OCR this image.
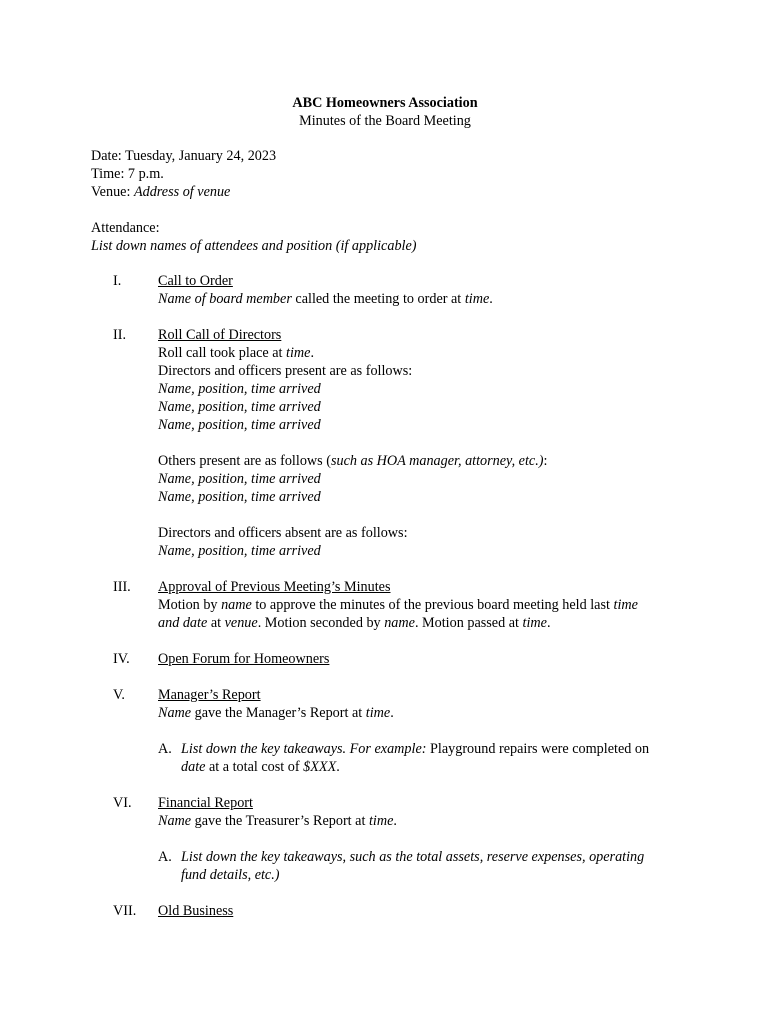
ABC Homeowners Association
Minutes of the Board Meeting
Date: Tuesday, January 24, 2023
Time: 7 p.m.
Venue: Address of venue
Attendance:
List down names of attendees and position (if applicable)
I.	Call to Order
Name of board member called the meeting to order at time.
II. Roll Call of Directors
Roll call took place at time.
Directors and officers present are as follows:
Name, position, time arrived
Name, position, time arrived
Name, position, time arrived
Others present are as follows (such as HOA manager, attorney, etc.):
Name, position, time arrived
Name, position, time arrived
Directors and officers absent are as follows:
Name, position, time arrived
III. Approval of Previous Meeting’s Minutes
Motion by name to approve the minutes of the previous board meeting held last time
and date at venue. Motion seconded by name. Motion passed at time.
IV. Open Forum for Homeowners
V. Manager’s Report
Name gave the Manager’s Report at time.
A. List down the key takeaways. For example: Playground repairs were completed on
date at a total cost of $XXX.
VI. Financial Report
Name gave the Treasurer’s Report at time.
A. List down the key takeaways, such as the total assets, reserve expenses, operating
fund details, etc.)
VII. Old Business
